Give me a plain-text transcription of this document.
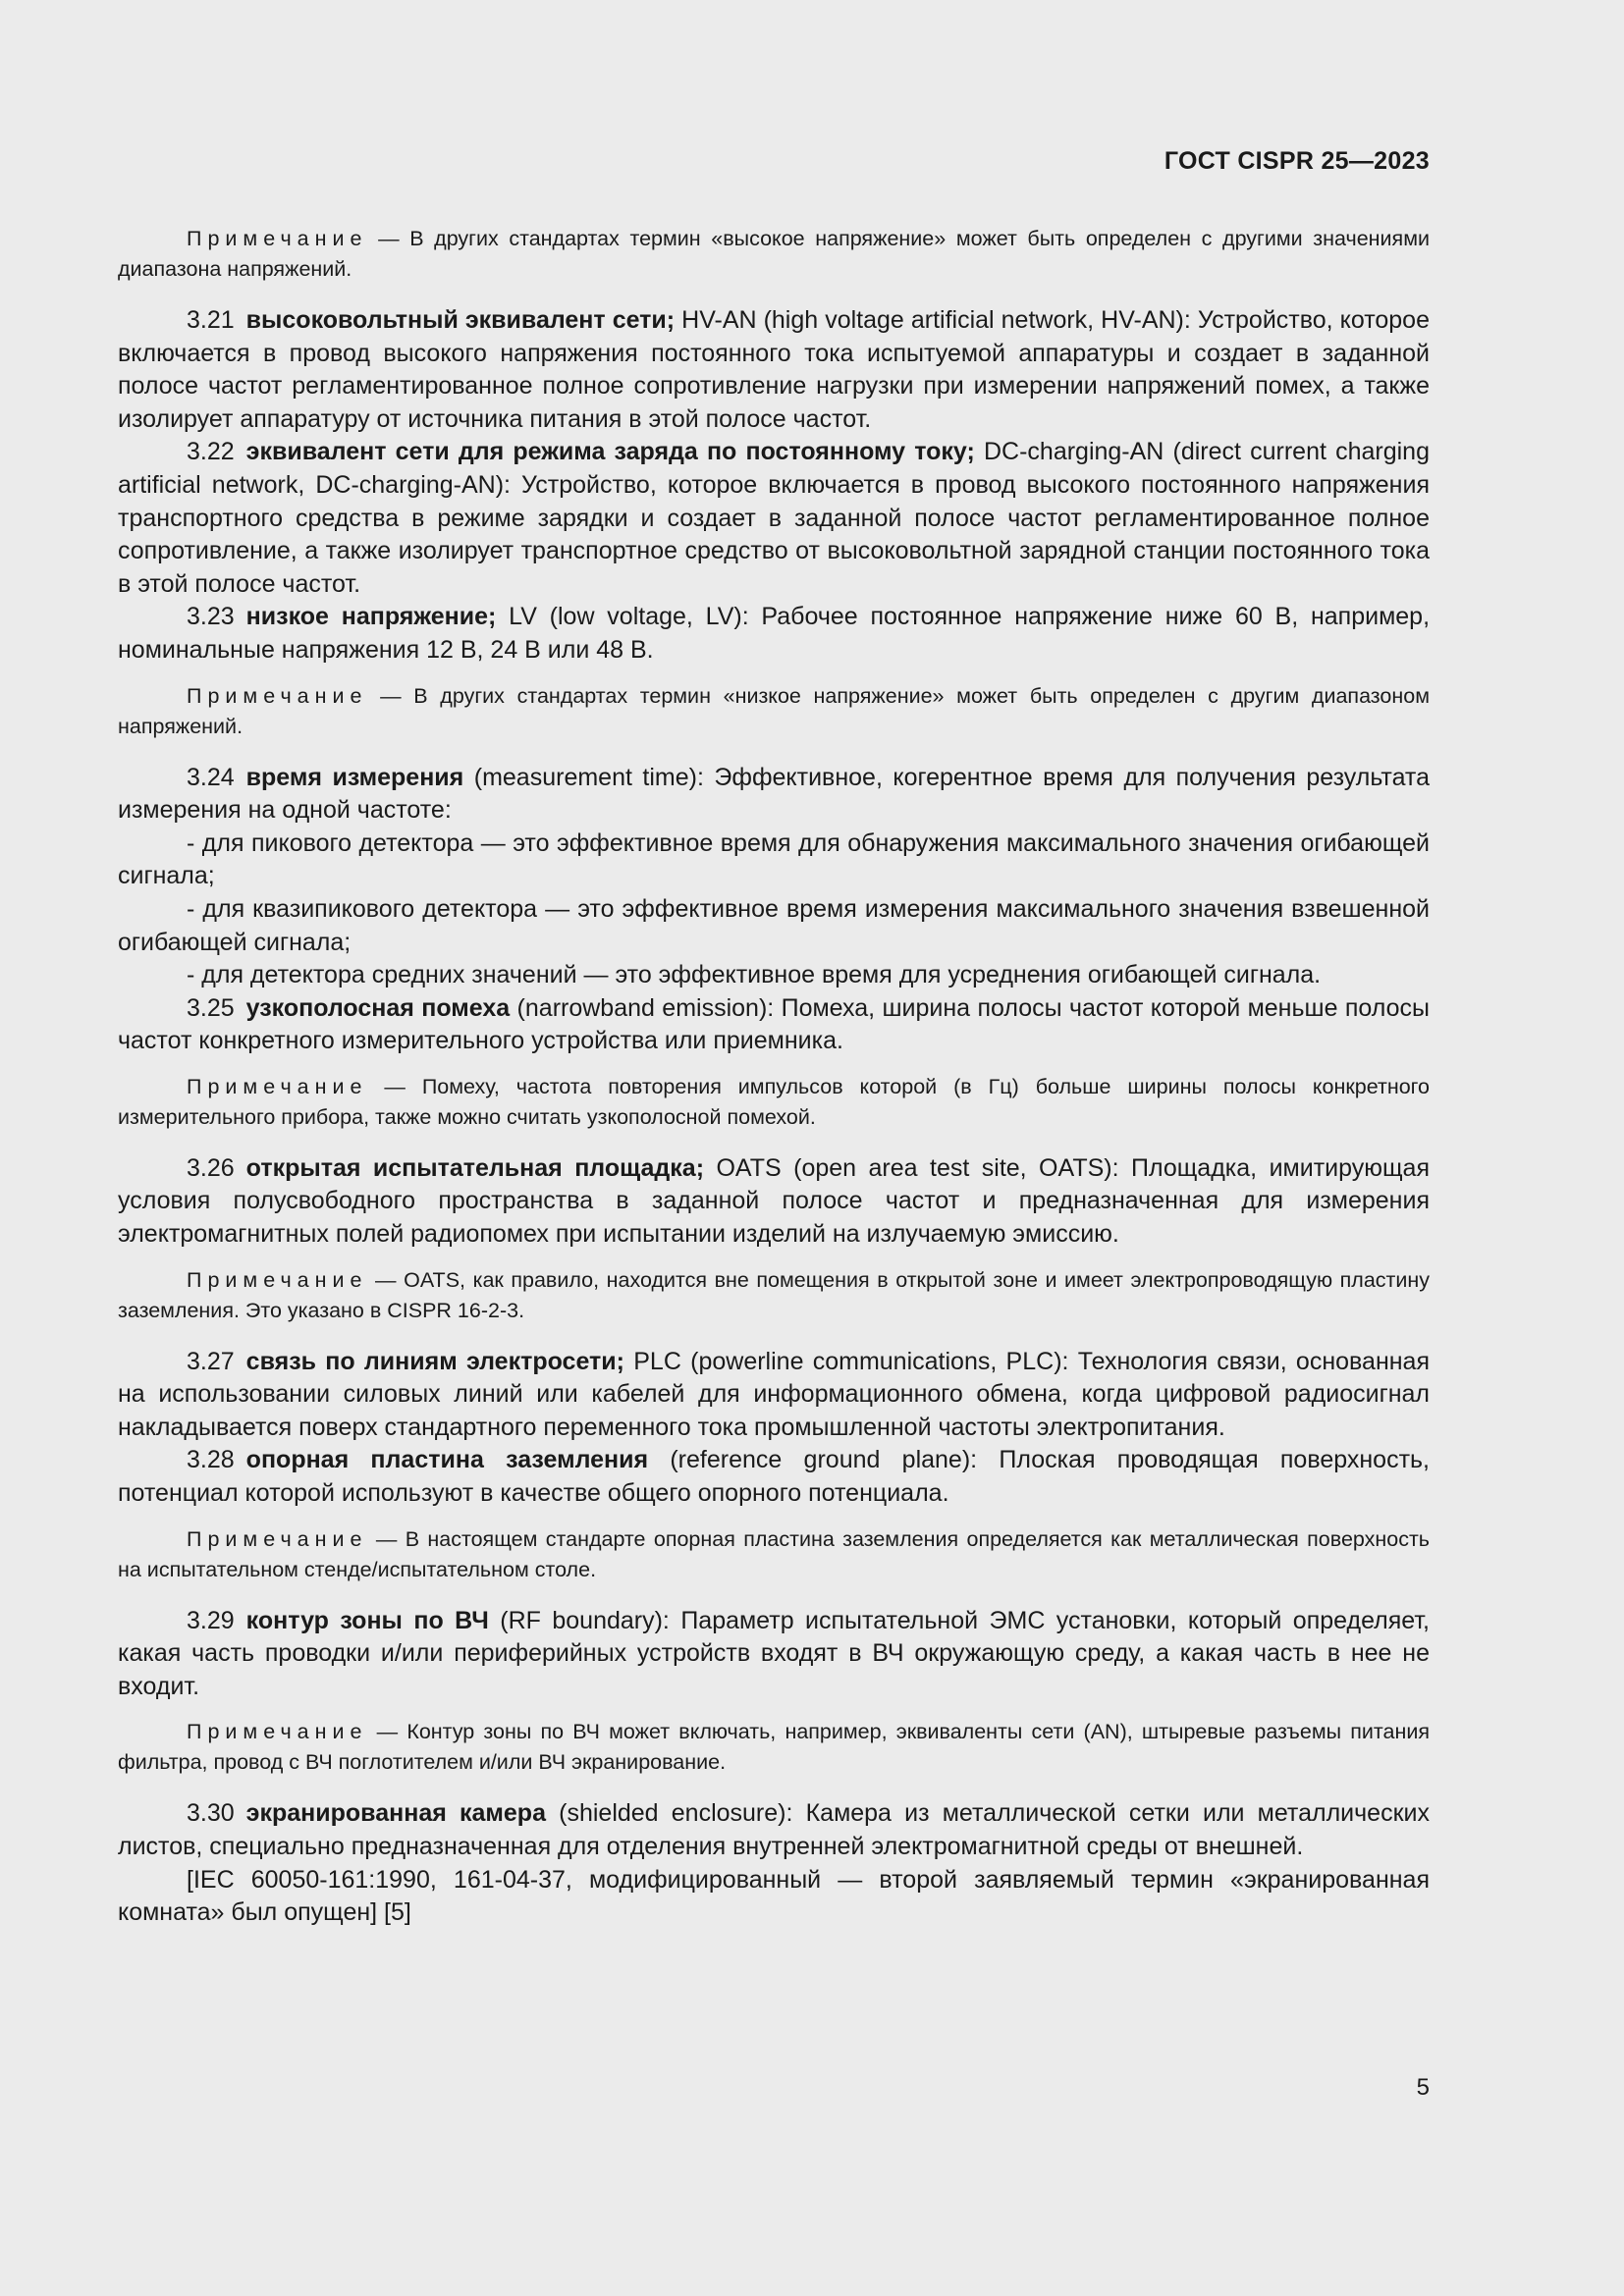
ГОСТ CISPR 25—2023

Примечание — В других стандартах термин «высокое напряжение» может быть определен с другими значениями диапазона напряжений.

3.21 высоковольтный эквивалент сети; HV-AN (high voltage artificial network, HV-AN): Устройство, которое включается в провод высокого напряжения постоянного тока испытуемой аппаратуры и создает в заданной полосе частот регламентированное полное сопротивление нагрузки при измерении напряжений помех, а также изолирует аппаратуру от источника питания в этой полосе частот.

3.22 эквивалент сети для режима заряда по постоянному току; DC-charging-AN (direct current charging artificial network, DC-charging-AN): Устройство, которое включается в провод высокого постоянного напряжения транспортного средства в режиме зарядки и создает в заданной полосе частот регламентированное полное сопротивление, а также изолирует транспортное средство от высоковольтной зарядной станции постоянного тока в этой полосе частот.

3.23 низкое напряжение; LV (low voltage, LV): Рабочее постоянное напряжение ниже 60 В, например, номинальные напряжения 12 В, 24 В или 48 В.

Примечание — В других стандартах термин «низкое напряжение» может быть определен с другим диапазоном напряжений.

3.24 время измерения (measurement time): Эффективное, когерентное время для получения результата измерения на одной частоте:

- для пикового детектора — это эффективное время для обнаружения максимального значения огибающей сигнала;

- для квазипикового детектора — это эффективное время измерения максимального значения взвешенной огибающей сигнала;

- для детектора средних значений — это эффективное время для усреднения огибающей сигнала.

3.25 узкополосная помеха (narrowband emission): Помеха, ширина полосы частот которой меньше полосы частот конкретного измерительного устройства или приемника.

Примечание — Помеху, частота повторения импульсов которой (в Гц) больше ширины полосы конкретного измерительного прибора, также можно считать узкополосной помехой.

3.26 открытая испытательная площадка; OATS (open area test site, OATS): Площадка, имитирующая условия полусвободного пространства в заданной полосе частот и предназначенная для измерения электромагнитных полей радиопомех при испытании изделий на излучаемую эмиссию.

Примечание — OATS, как правило, находится вне помещения в открытой зоне и имеет электропроводящую пластину заземления. Это указано в CISPR 16-2-3.

3.27 связь по линиям электросети; PLC (powerline communications, PLC): Технология связи, основанная на использовании силовых линий или кабелей для информационного обмена, когда цифровой радиосигнал накладывается поверх стандартного переменного тока промышленной частоты электропитания.

3.28 опорная пластина заземления (reference ground plane): Плоская проводящая поверхность, потенциал которой используют в качестве общего опорного потенциала.

Примечание — В настоящем стандарте опорная пластина заземления определяется как металлическая поверхность на испытательном стенде/испытательном столе.

3.29 контур зоны по ВЧ (RF boundary): Параметр испытательной ЭМС установки, который определяет, какая часть проводки и/или периферийных устройств входят в ВЧ окружающую среду, а какая часть в нее не входит.

Примечание — Контур зоны по ВЧ может включать, например, эквиваленты сети (AN), штыревые разъемы питания фильтра, провод с ВЧ поглотителем и/или ВЧ экранирование.

3.30 экранированная камера (shielded enclosure): Камера из металлической сетки или металлических листов, специально предназначенная для отделения внутренней электромагнитной среды от внешней.

[IEC 60050-161:1990, 161-04-37, модифицированный — второй заявляемый термин «экранированная комната» был опущен] [5]

5
